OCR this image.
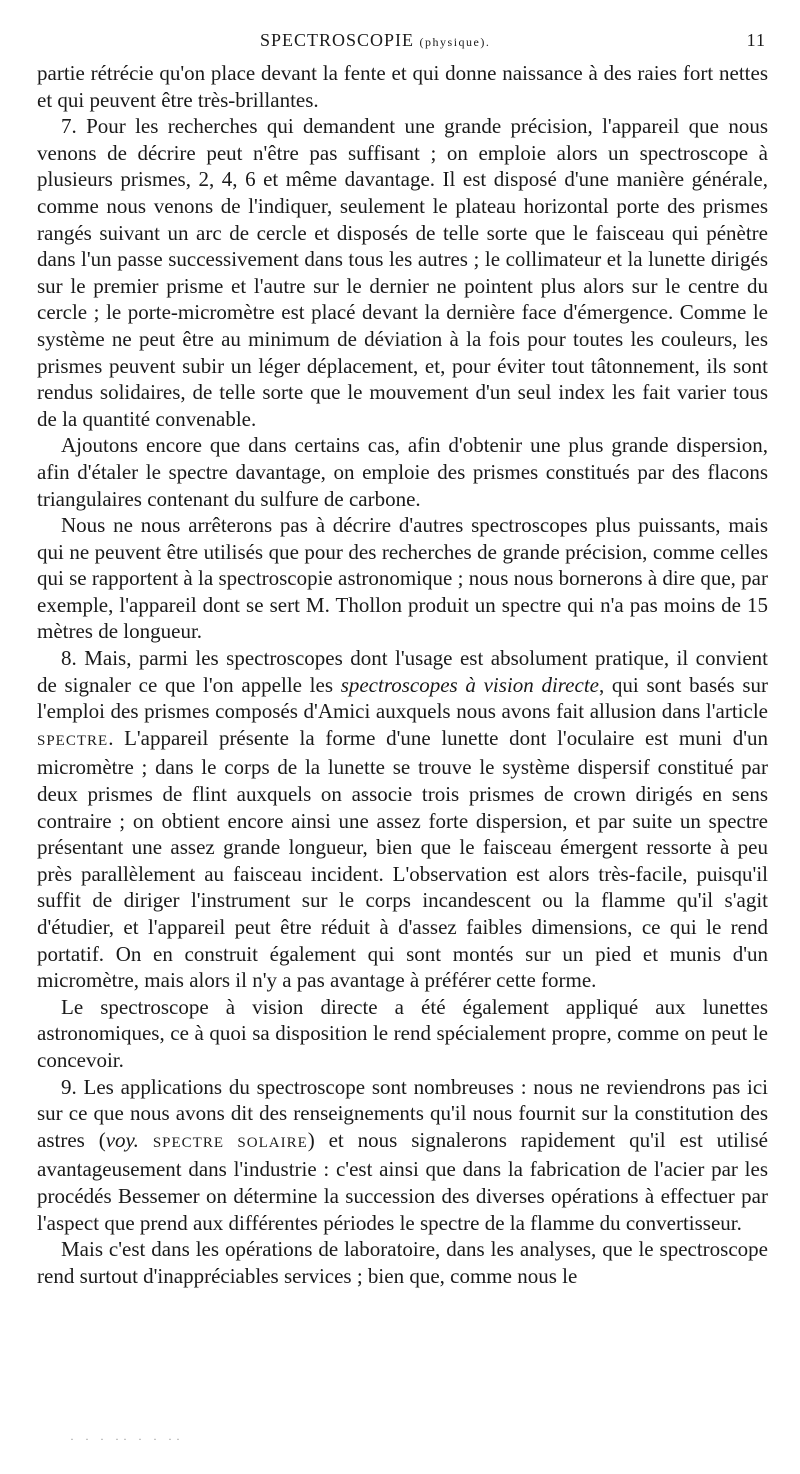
SPECTROSCOPIE (physique).	11

partie rétrécie qu'on place devant la fente et qui donne naissance à des raies fort nettes et qui peuvent être très-brillantes.

7. Pour les recherches qui demandent une grande précision, l'appareil que nous venons de décrire peut n'être pas suffisant ; on emploie alors un spectroscope à plusieurs prismes, 2, 4, 6 et même davantage. Il est disposé d'une manière générale, comme nous venons de l'indiquer, seulement le plateau horizontal porte des prismes rangés suivant un arc de cercle et disposés de telle sorte que le faisceau qui pénètre dans l'un passe successivement dans tous les autres ; le collimateur et la lunette dirigés sur le premier prisme et l'autre sur le dernier ne pointent plus alors sur le centre du cercle ; le porte-micromètre est placé devant la dernière face d'émergence. Comme le système ne peut être au minimum de déviation à la fois pour toutes les couleurs, les prismes peuvent subir un léger déplacement, et, pour éviter tout tâtonnement, ils sont rendus solidaires, de telle sorte que le mouvement d'un seul index les fait varier tous de la quantité convenable.

Ajoutons encore que dans certains cas, afin d'obtenir une plus grande dispersion, afin d'étaler le spectre davantage, on emploie des prismes constitués par des flacons triangulaires contenant du sulfure de carbone.

Nous ne nous arrêterons pas à décrire d'autres spectroscopes plus puissants, mais qui ne peuvent être utilisés que pour des recherches de grande précision, comme celles qui se rapportent à la spectroscopie astronomique ; nous nous bornerons à dire que, par exemple, l'appareil dont se sert M. Thollon produit un spectre qui n'a pas moins de 15 mètres de longueur.

8. Mais, parmi les spectroscopes dont l'usage est absolument pratique, il convient de signaler ce que l'on appelle les spectroscopes à vision directe, qui sont basés sur l'emploi des prismes composés d'Amici auxquels nous avons fait allusion dans l'article SPECTRE. L'appareil présente la forme d'une lunette dont l'oculaire est muni d'un micromètre ; dans le corps de la lunette se trouve le système dispersif constitué par deux prismes de flint auxquels on associe trois prismes de crown dirigés en sens contraire ; on obtient encore ainsi une assez forte dispersion, et par suite un spectre présentant une assez grande longueur, bien que le faisceau émergent ressorte à peu près parallèlement au faisceau incident. L'observation est alors très-facile, puisqu'il suffit de diriger l'instrument sur le corps incandescent ou la flamme qu'il s'agit d'étudier, et l'appareil peut être réduit à d'assez faibles dimensions, ce qui le rend portatif. On en construit également qui sont montés sur un pied et munis d'un micromètre, mais alors il n'y a pas avantage à préférer cette forme.

Le spectroscope à vision directe a été également appliqué aux lunettes astronomiques, ce à quoi sa disposition le rend spécialement propre, comme on peut le concevoir.

9. Les applications du spectroscope sont nombreuses : nous ne reviendrons pas ici sur ce que nous avons dit des renseignements qu'il nous fournit sur la constitution des astres (voy. SPECTRE SOLAIRE) et nous signalerons rapidement qu'il est utilisé avantageusement dans l'industrie : c'est ainsi que dans la fabrication de l'acier par les procédés Bessemer on détermine la succession des diverses opérations à effectuer par l'aspect que prend aux différentes périodes le spectre de la flamme du convertisseur.

Mais c'est dans les opérations de laboratoire, dans les analyses, que le spectroscope rend surtout d'inappréciables services ; bien que, comme nous le

· · · ·· · · ··
